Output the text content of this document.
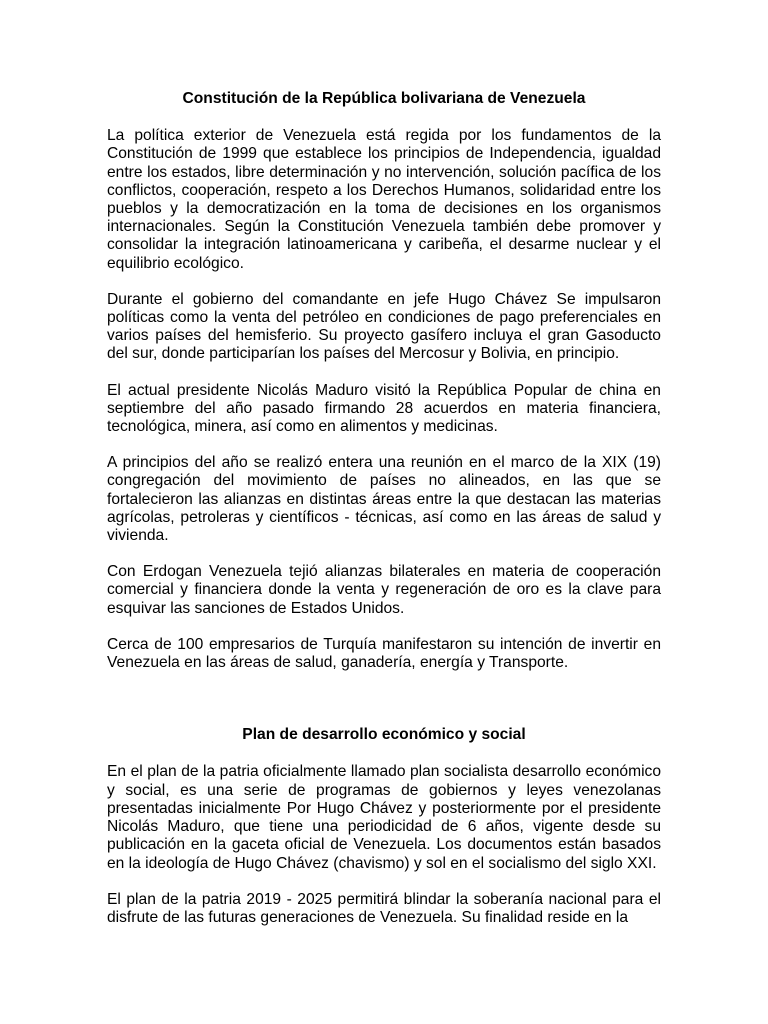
Constitución de la República bolivariana de Venezuela

La política exterior de Venezuela está regida por los fundamentos de la Constitución de 1999 que establece los principios de Independencia, igualdad entre los estados, libre determinación y no intervención, solución pacífica de los conflictos, cooperación, respeto a los Derechos Humanos, solidaridad entre los pueblos y la democratización en la toma de decisiones en los organismos internacionales. Según la Constitución Venezuela también debe promover y consolidar la integración latinoamericana y caribeña, el desarme nuclear y el equilibrio ecológico.

Durante el gobierno del comandante en jefe Hugo Chávez Se impulsaron políticas como la venta del petróleo en condiciones de pago preferenciales en varios países del hemisferio. Su proyecto gasífero incluya el gran Gasoducto del sur, donde participarían los países del Mercosur y Bolivia, en principio.

El actual presidente Nicolás Maduro visitó la República Popular de china en septiembre del año pasado firmando 28 acuerdos en materia financiera, tecnológica, minera, así como en alimentos y medicinas.

A principios del año se realizó entera una reunión en el marco de la XIX (19) congregación del movimiento de países no alineados, en las que se fortalecieron las alianzas en distintas áreas entre la que destacan las materias agrícolas, petroleras y científicos - técnicas, así como en las áreas de salud y vivienda.

Con Erdogan Venezuela tejió alianzas bilaterales en materia de cooperación comercial y financiera donde la venta y regeneración de oro es la clave para esquivar las sanciones de Estados Unidos.

Cerca de 100 empresarios de Turquía manifestaron su intención de invertir en Venezuela en las áreas de salud, ganadería, energía y Transporte.

Plan de desarrollo económico y social

En el plan de la patria oficialmente llamado plan socialista desarrollo económico y social, es una serie de programas de gobiernos y leyes venezolanas presentadas inicialmente Por Hugo Chávez y posteriormente por el presidente Nicolás Maduro, que tiene una periodicidad de 6 años, vigente desde su publicación en la gaceta oficial de Venezuela. Los documentos están basados en la ideología de Hugo Chávez (chavismo) y sol en el socialismo del siglo XXI.

El plan de la patria 2019 - 2025 permitirá blindar la soberanía nacional para el disfrute de las futuras generaciones de Venezuela. Su finalidad reside en la
